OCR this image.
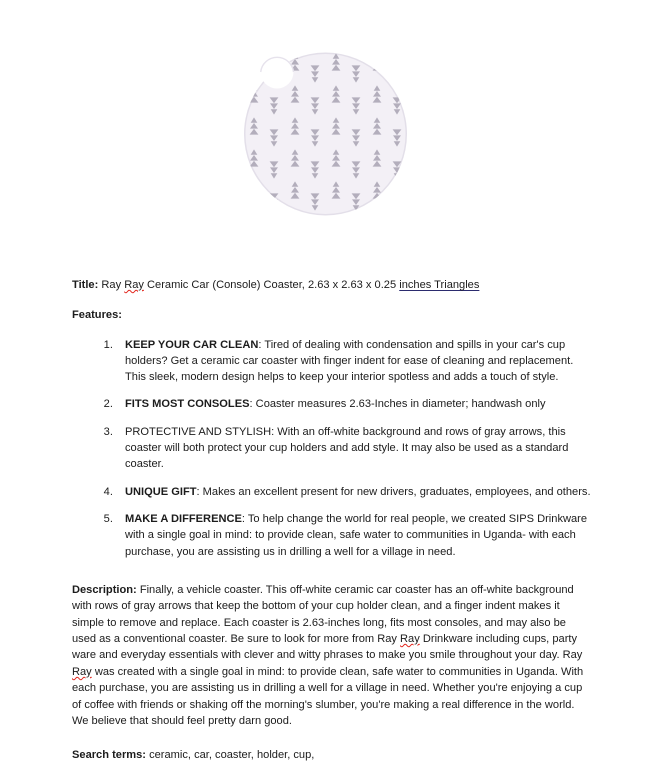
Title: Ray Ray Ceramic Car (Console) Coaster, 2.63 x 2.63 x 0.25 inches Triangles

Features:

1. KEEP YOUR CAR CLEAN: Tired of dealing with condensation and spills in your car's cup holders? Get a ceramic car coaster with finger indent for ease of cleaning and replacement. This sleek, modern design helps to keep your interior spotless and adds a touch of style.
2. FITS MOST CONSOLES: Coaster measures 2.63-Inches in diameter; handwash only
3. PROTECTIVE AND STYLISH: With an off-white background and rows of gray arrows, this coaster will both protect your cup holders and add style. It may also be used as a standard coaster.
4. UNIQUE GIFT: Makes an excellent present for new drivers, graduates, employees, and others.
5. MAKE A DIFFERENCE: To help change the world for real people, we created SIPS Drinkware with a single goal in mind: to provide clean, safe water to communities in Uganda- with each purchase, you are assisting us in drilling a well for a village in need.

Description: Finally, a vehicle coaster. This off-white ceramic car coaster has an off-white background with rows of gray arrows that keep the bottom of your cup holder clean, and a finger indent makes it simple to remove and replace. Each coaster is 2.63-inches long, fits most consoles, and may also be used as a conventional coaster. Be sure to look for more from Ray Ray Drinkware including cups, party ware and everyday essentials with clever and witty phrases to make you smile throughout your day. Ray Ray was created with a single goal in mind: to provide clean, safe water to communities in Uganda. With each purchase, you are assisting us in drilling a well for a village in need. Whether you're enjoying a cup of coffee with friends or shaking off the morning's slumber, you're making a real difference in the world. We believe that should feel pretty darn good.

Search terms: ceramic, car, coaster, holder, cup,
